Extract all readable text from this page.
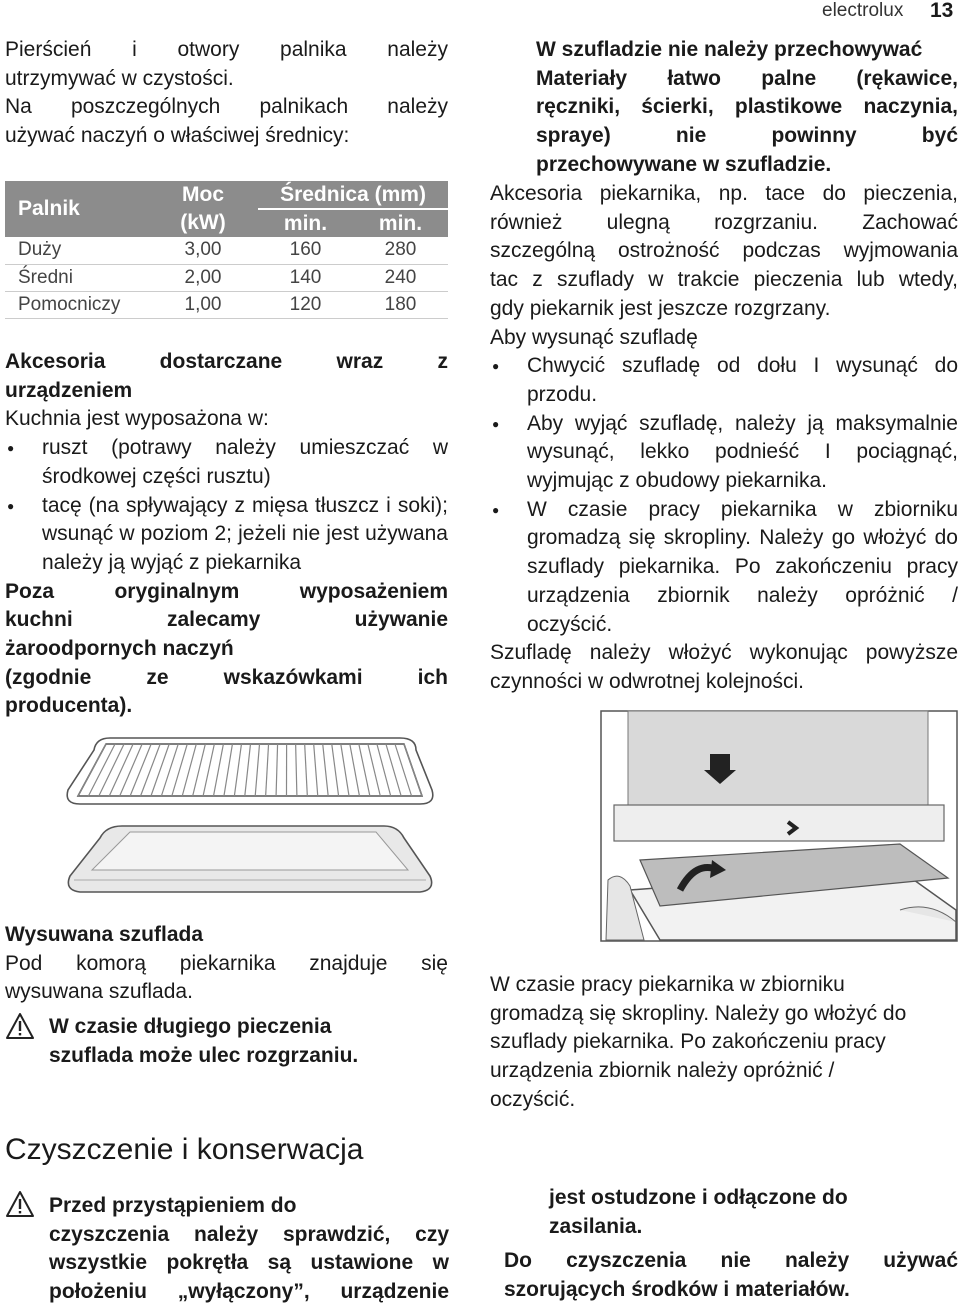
electrolux 13
Pierścień i otwory palnika należy
utrzymywać w czystości.
Na poszczególnych palnikach należy
używać naczyń o właściwej średnicy:
Palnik	Moc	Średnica (mm)	
	(kW)	min.	min.
Duży	3,00	160	280
Średni	2,00	140	240
Pomocniczy	1,00	120	180
Akcesoria dostarczane wraz z
urządzeniem
Kuchnia jest wyposażona w:
● ruszt (potrawy należy umieszczać w środkowej części rusztu)
● tacę (na spływający z mięsa tłuszcz i soki); wsunąć w poziom 2; jeżeli nie jest używana należy ją wyjąć z piekarnika
Poza oryginalnym wyposażeniem
kuchni zalecamy używanie
żaroodpornych naczyń
(zgodnie ze wskazówkami ich
producenta).
Wysuwana szuflada
Pod komorą piekarnika znajduje się
wysuwana szuflada.
W czasie długiego pieczenia
szuflada może ulec rozgrzaniu.
Czyszczenie i konserwacja
Przed przystąpieniem do
czyszczenia należy sprawdzić, czy
wszystkie pokrętła są ustawione w
położeniu „wyłączony”, urządzenie
W szufladzie nie należy przechowywać
Materiały łatwo palne (rękawice,
ręczniki, ścierki, plastikowe naczynia,
sprayе) nie powinny być
przechowywane w szufladzie.
Akcesoria piekarnika, np. tace do pieczenia,
również ulegną rozgrzaniu. Zachować
szczególną ostrożność podczas wyjmowania
tac z szuflady w trakcie pieczenia lub wtedy,
gdy piekarnik jest jeszcze rozgrzany.
Aby wysunąć szufladę
● Chwycić szufladę od dołu I wysunąć do przodu.
● Aby wyjąć szufladę, należy ją maksymalnie wysunąć, lekko podnieść I pociągnąć, wyjmując z obudowy piekarnika.
● W czasie pracy piekarnika w zbiorniku gromadzą się skropliny. Należy go włożyć do szuflady piekarnika. Po zakończeniu pracy urządzenia zbiornik należy opróżnić / oczyścić.
Szufladę należy włożyć wykonując powyższe
czynności w odwrotnej kolejności.
W czasie pracy piekarnika w zbiorniku
gromadzą się skropliny. Należy go włożyć do
szuflady piekarnika. Po zakończeniu pracy
urządzenia zbiornik należy opróżnić /
oczyścić.
jest ostudzone i odłączone do
zasilania.
Do czyszczenia nie należy używać
szorujących środków i materiałów.
